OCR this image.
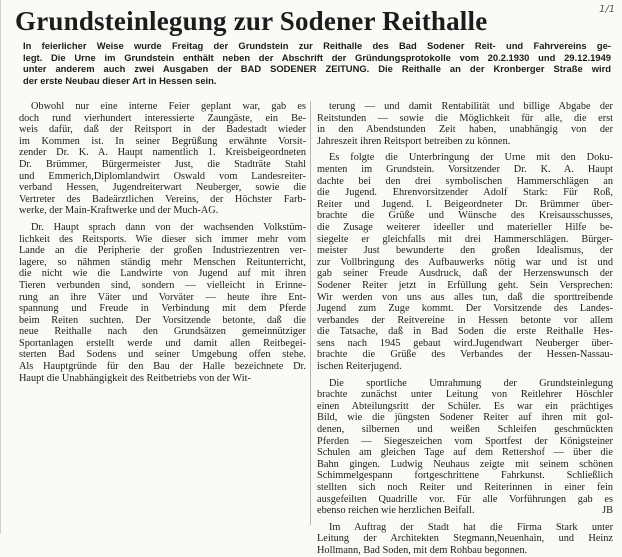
Grundsteinlegung zur Sodener Reithalle	1/1
In feierlicher Weise wurde Freitag der Grundstein zur Reithalle des Bad Sodener Reit- und Fahrvereins ge-
legt. Die Urne im Grundstein enthält neben der Abschrift der Gründungsprotokolle vom 20.2.1930 und 29.12.1949
unter anderem auch zwei Ausgaben der BAD SODENER ZEITUNG. Die Reithalle an der Kronberger Straße wird
der erste Neubau dieser Art in Hessen sein.
Obwohl nur eine interne Feier geplant war, gab es
doch rund vierhundert interessierte Zaungäste, ein Be-
weis dafür, daß der Reitsport in der Badestadt wieder
im Kommen ist. In seiner Begrüßung erwähnte Vorsit-
zender Dr. K. A. Haupt namentlich 1. Kreisbeigeordneten
Dr. Brümmer, Bürgermeister Just, die Stadträte Stahl
und Emmerich,Diplomlandwirt Oswald vom Landesreiter-
verband Hessen, Jugendreiterwart Neuberger, sowie die
Vertreter des Badeärztlichen Vereins, der Höchster Farb-
werke, der Main-Kraftwerke und der Much-AG.
Dr. Haupt sprach dann von der wachsenden Volkstüm-
lichkeit des Reitsports. Wie dieser sich immer mehr vom
Lande an die Peripherie der großen Industriezentren ver-
lagere, so nähmen ständig mehr Menschen Reitunterricht,
die nicht wie die Landwirte von Jugend auf mit ihren
Tieren verbunden sind, sondern — vielleicht in Erinne-
rung an ihre Väter und Vorväter — heute ihre Ent-
spannung und Freude in Verbindung mit dem Pferde
beim Reiten suchten. Der Vorsitzende betonte, daß die
neue Reithalle nach den Grundsätzen gemeinnütziger
Sportanlagen erstellt werde und damit allen Reitbegei-
sterten Bad Sodens und seiner Umgebung offen stehe.
Als Hauptgründe für den Bau der Halle bezeichnete Dr.
Haupt die Unabhängigkeit des Reitbetriebs von der Wit-
terung — und damit Rentabilität und billige Abgabe der
Reitstunden — sowie die Möglichkeit für alle, die erst
in den Abendstunden Zeit haben, unabhängig von der
Jahreszeit ihren Reitsport betreiben zu können.
Es folgte die Unterbringung der Urne mit den Doku-
menten im Grundstein. Vorsitzender Dr. K. A. Haupt
dachte bei den drei symbolischen Hammerschlägen an
die Jugend. Ehrenvorsitzender Adolf Stark: Für Roß,
Reiter und Jugend. I. Beigeordneter Dr. Brümmer über-
brachte die Grüße und Wünsche des Kreisausschusses,
die Zusage weiterer ideeller und materieller Hilfe be-
siegelte er gleichfalls mit drei Hammerschlägen. Bürger-
meister Just bewunderte den großen Idealismus, der
zur Vollbringung des Aufbauwerks nötig war und ist und
gab seiner Freude Ausdruck, daß der Herzenswunsch der
Sodener Reiter jetzt in Erfüllung geht. Sein Versprechen:
Wir werden von uns aus alles tun, daß die sporttreibende
Jugend zum Zuge kommt. Der Vorsitzende des Landes-
verbandes der Reitvereine in Hessen betonte vor allem
die Tatsache, daß in Bad Soden die erste Reithalle Hes-
sens nach 1945 gebaut wird.Jugendwart Neuberger über-
brachte die Grüße des Verbandes der Hessen-Nassau-
ischen Reiterjugend.
Die sportliche Umrahmung der Grundsteinlegung
brachte zunächst unter Leitung von Reitlehrer Höschler
einen Abteilungsritt der Schüler. Es war ein prächtiges
Bild, wie die jüngsten Sodener Reiter auf ihren mit gol-
denen, silbernen und weißen Schleifen geschmückten
Pferden — Siegeszeichen vom Sportfest der Königsteiner
Schulen am gleichen Tage auf dem Rettershof — über die
Bahn gingen. Ludwig Neuhaus zeigte mit seinem schönen
Schimmelgespann fortgeschrittene Fahrkunst. Schließlich
stellten sich noch Reiter und Reiterinnen in einer fein
ausgefeilten Quadrille vor. Für alle Vorführungen gab es
ebenso reichen wie herzlichen Beifall.	JB
Im Auftrag der Stadt hat die Firma Stark unter
Leitung der Architekten Stegmann,Neuenhain, und Heinz
Hollmann, Bad Soden, mit dem Rohbau begonnen.
